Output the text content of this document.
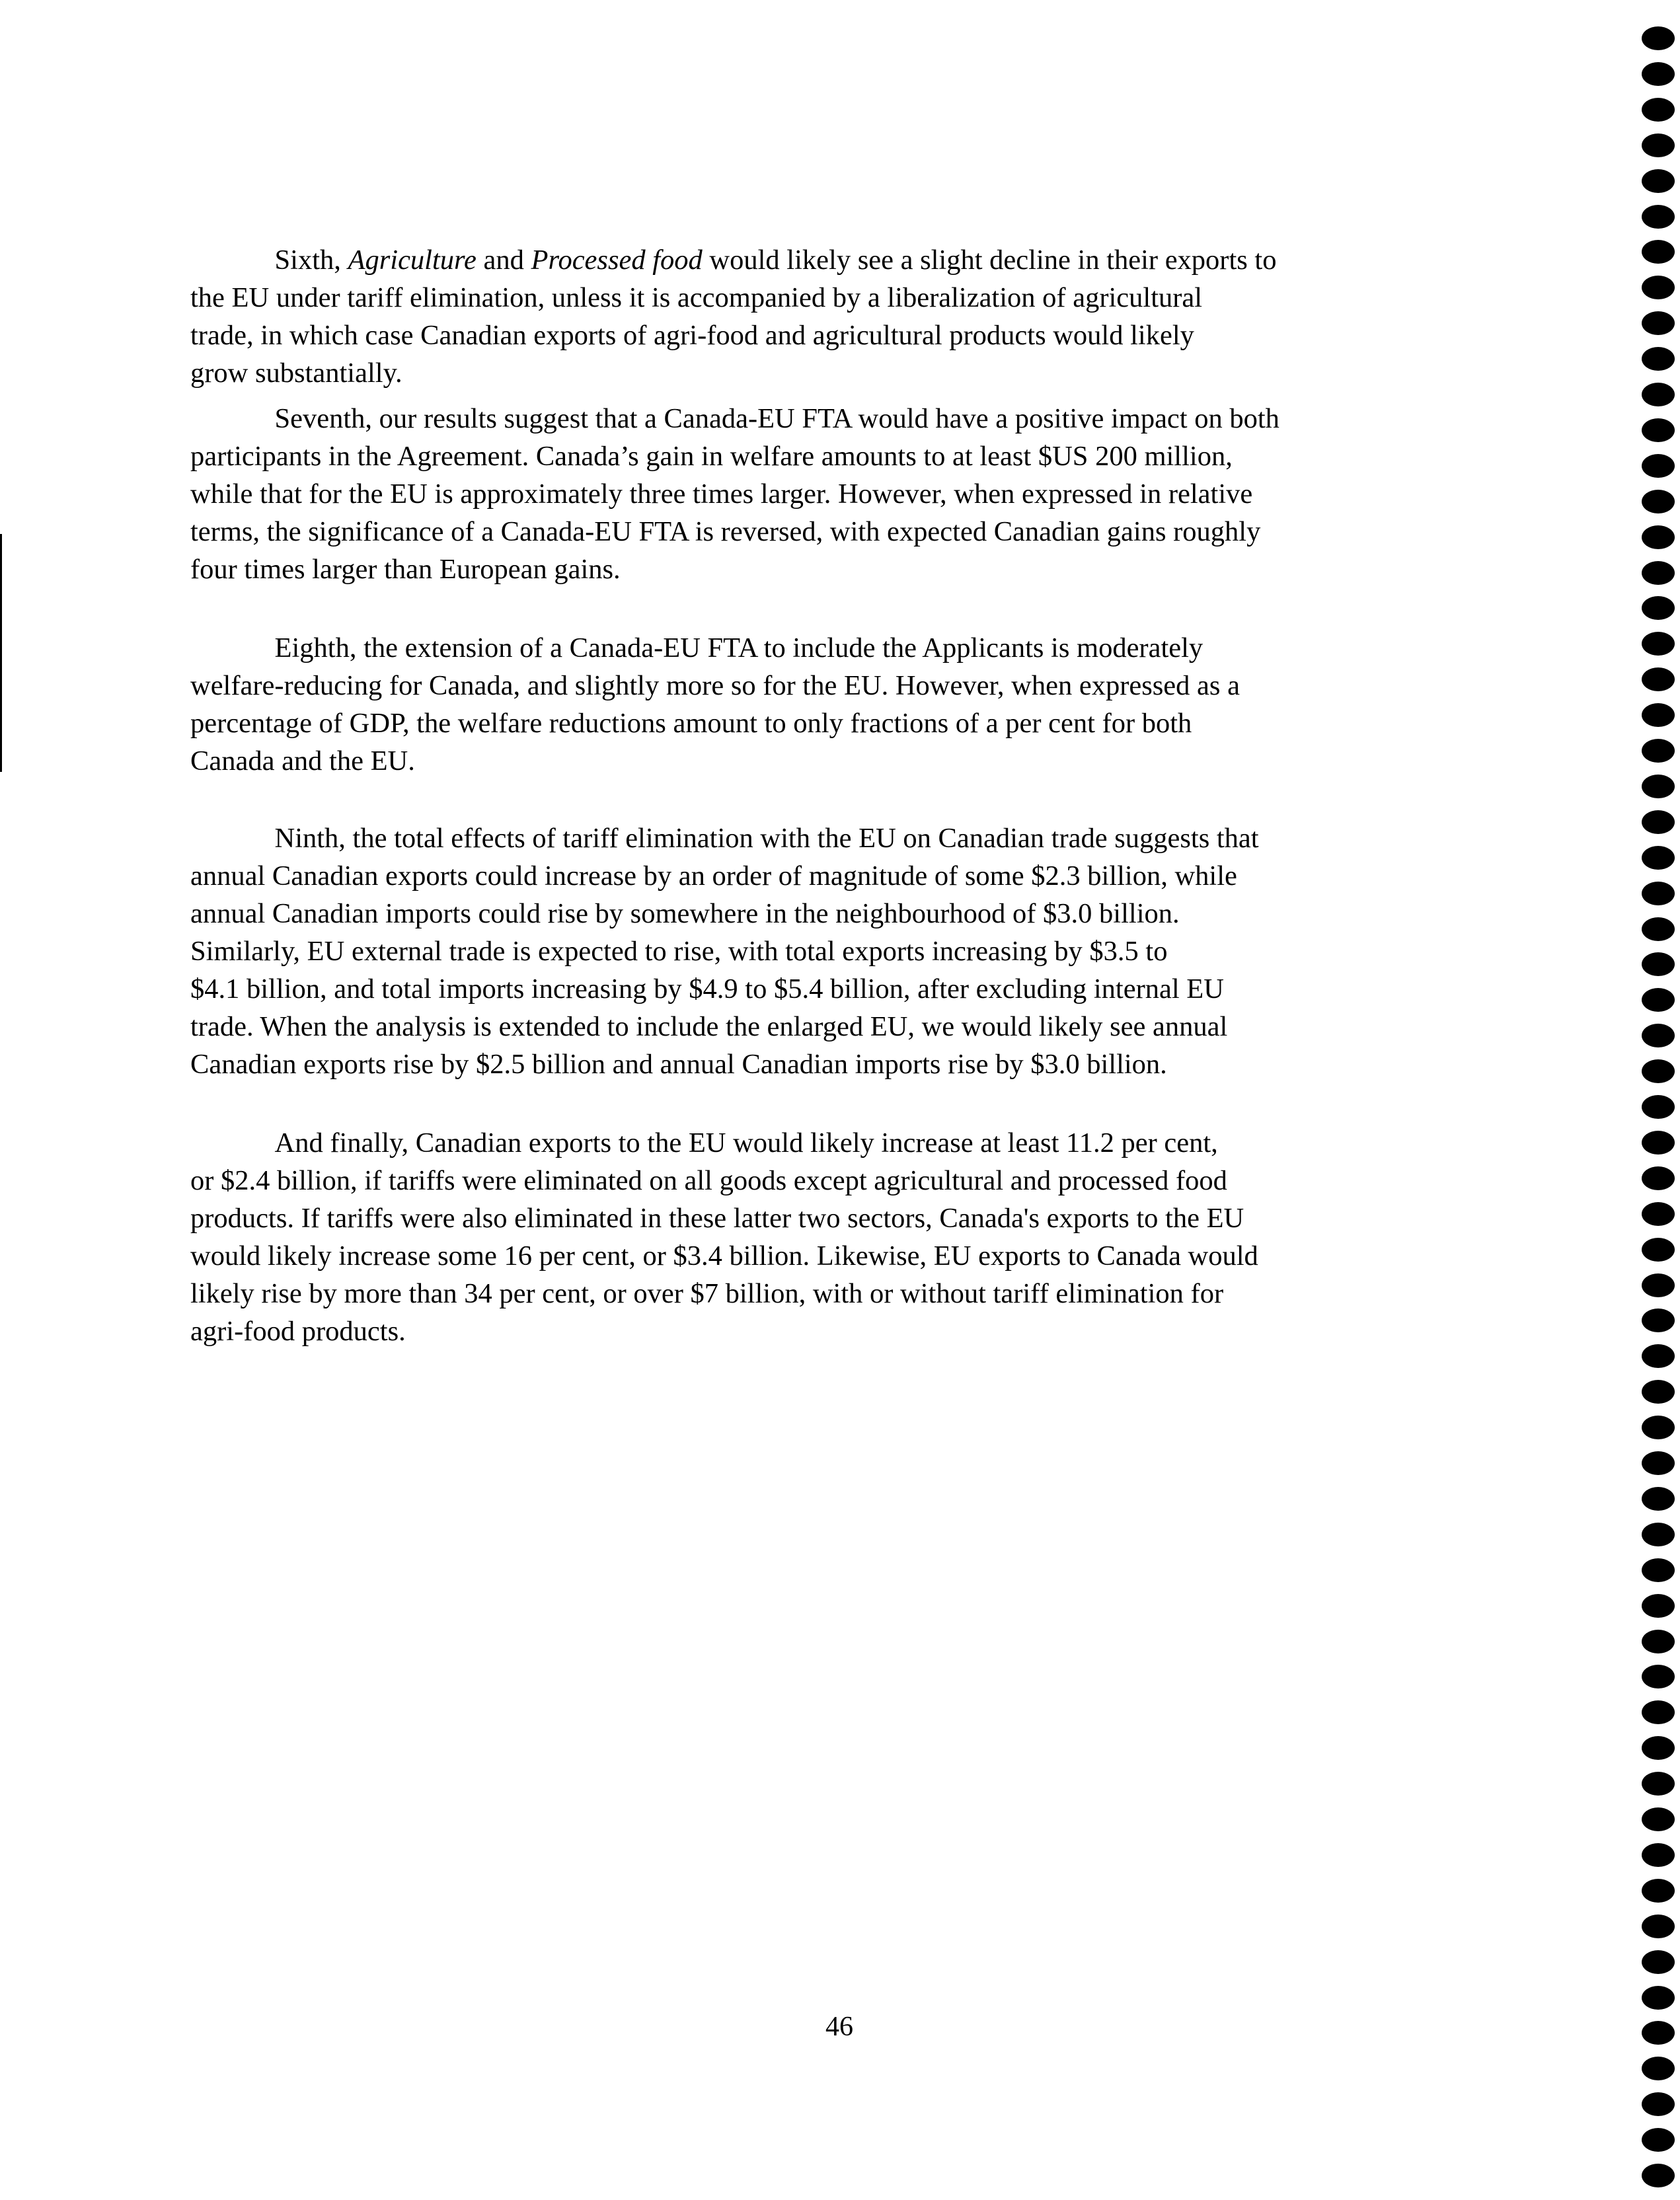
   Sixth, Agriculture and Processed food would likely see a slight decline in their exports to
the EU under tariff elimination, unless it is accompanied by a liberalization of agricultural
trade, in which case Canadian exports of agri-food and agricultural products would likely
grow substantially.

   Seventh, our results suggest that a Canada-EU FTA would have a positive impact on both
participants in the Agreement. Canada’s gain in welfare amounts to at least $US 200 million,
while that for the EU is approximately three times larger. However, when expressed in relative
terms, the significance of a Canada-EU FTA is reversed, with expected Canadian gains roughly
four times larger than European gains.

   Eighth, the extension of a Canada-EU FTA to include the Applicants is moderately
welfare-reducing for Canada, and slightly more so for the EU. However, when expressed as a
percentage of GDP, the welfare reductions amount to only fractions of a per cent for both
Canada and the EU.

   Ninth, the total effects of tariff elimination with the EU on Canadian trade suggests that
annual Canadian exports could increase by an order of magnitude of some $2.3 billion, while
annual Canadian imports could rise by somewhere in the neighbourhood of $3.0 billion.
Similarly, EU external trade is expected to rise, with total exports increasing by $3.5 to
$4.1 billion, and total imports increasing by $4.9 to $5.4 billion, after excluding internal EU
trade. When the analysis is extended to include the enlarged EU, we would likely see annual
Canadian exports rise by $2.5 billion and annual Canadian imports rise by $3.0 billion.

   And finally, Canadian exports to the EU would likely increase at least 11.2 per cent,
or $2.4 billion, if tariffs were eliminated on all goods except agricultural and processed food
products. If tariffs were also eliminated in these latter two sectors, Canada's exports to the EU
would likely increase some 16 per cent, or $3.4 billion. Likewise, EU exports to Canada would
likely rise by more than 34 per cent, or over $7 billion, with or without tariff elimination for
agri-food products.

46
